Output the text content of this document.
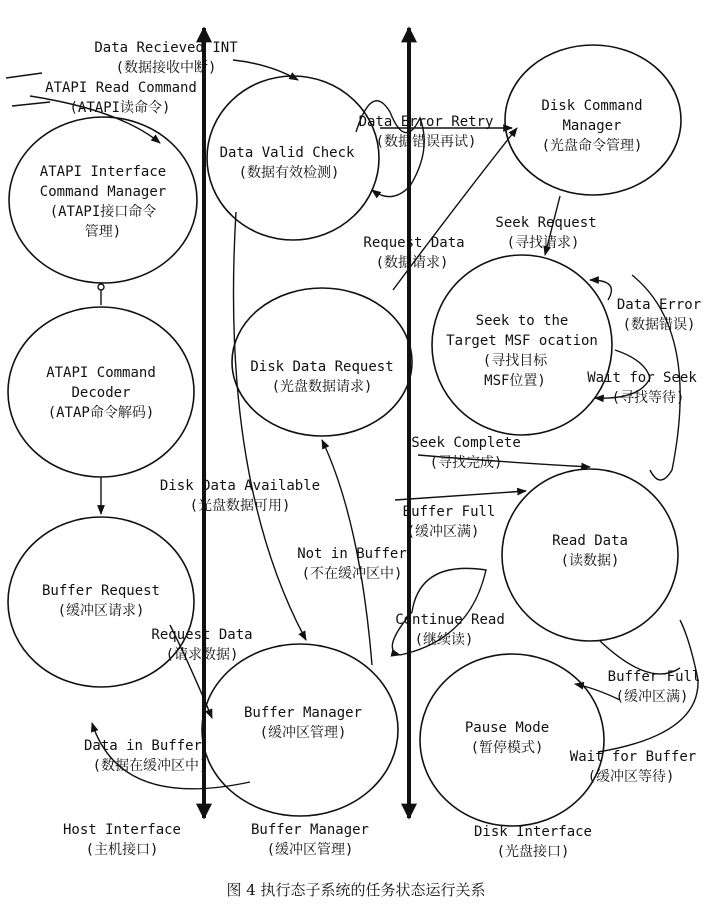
ATAPI Interface
Command Manager
(ATAPI接口命令
管理)
ATAPI Command
Decoder
(ATAP命令解码)
Buffer Request
(缓冲区请求)
Data Valid Check
(数据有效检测)
Disk Data Request
(光盘数据请求)
Buffer Manager
(缓冲区管理)
Disk Command
Manager
(光盘命令管理)
Seek to the
Target MSF ocation
(寻找目标
MSF位置)
Read Data
(读数据)
Pause Mode
(暂停模式)
Data Recieved INT
(数据接收中断)
ATAPI Read Command
(ATAPI读命令)
Data Error Retry
(数据错误再试)
Request Data
(数据请求)
Seek Request
(寻找请求)
Data Error
(数据错误)
Wait for Seek
(寻找等待)
Seek Complete
(寻找完成)
Disk Data Available
(光盘数据可用)	Buffer Full
(缓冲区满)
Not in Buffer
(不在缓冲区中)
Continue Read
(继续读)
Request Data
(请求数据)
Buffer Full
(缓冲区满)
Data in Buffer
(数据在缓冲区中)
Wait for Buffer
(缓冲区等待)
Host Interface
(主机接口)
Buffer Manager
(缓冲区管理)
Disk Interface
(光盘接口)
图 4 执行态子系统的任务状态运行关系
